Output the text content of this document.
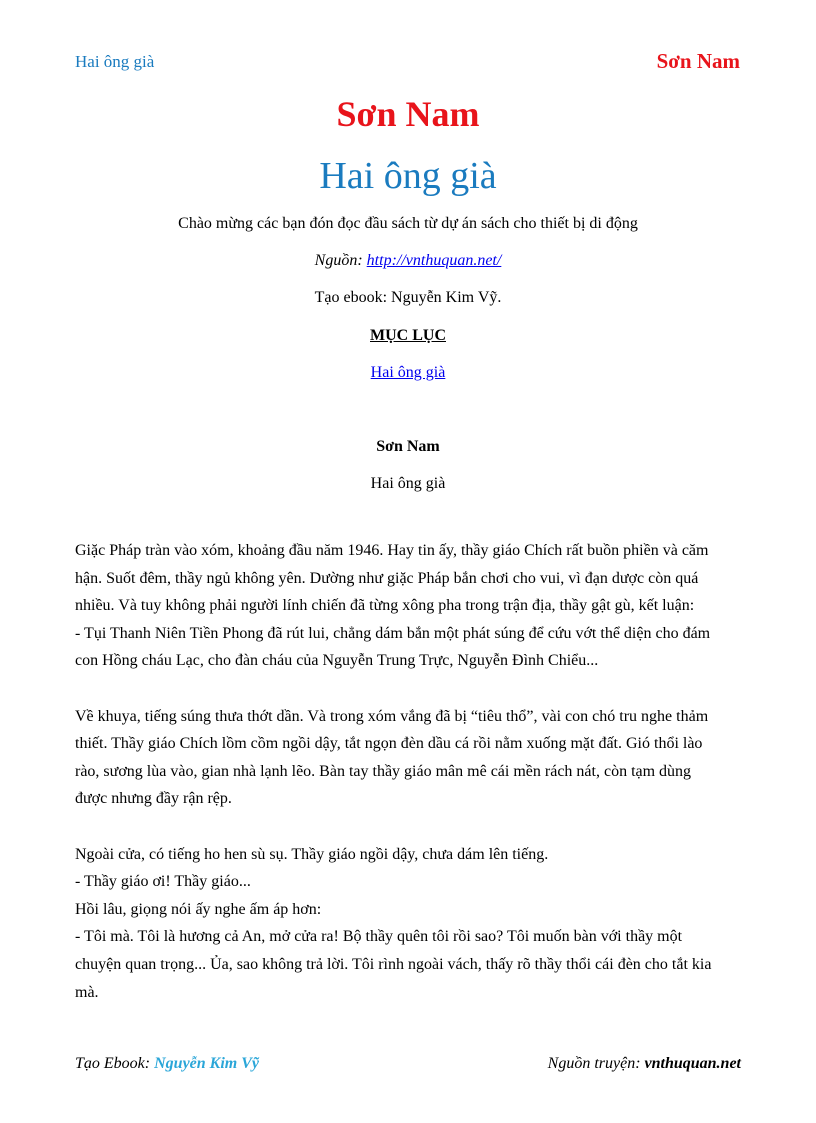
Hai ông già	Sơn Nam
Sơn Nam
Hai ông già
Chào mừng các bạn đón đọc đầu sách từ dự án sách cho thiết bị di động
Nguồn: http://vnthuquan.net/
Tạo ebook: Nguyễn Kim Vỹ.
MỤC LỤC
Hai ông già
Sơn Nam
Hai ông già

Giặc Pháp tràn vào xóm, khoảng đầu năm 1946. Hay tin ấy, thầy giáo Chích rất buồn phiền và căm
hận. Suốt đêm, thầy ngủ không yên. Dường như giặc Pháp bắn chơi cho vui, vì đạn dược còn quá
nhiều. Và tuy không phải người lính chiến đã từng xông pha trong trận địa, thầy gật gù, kết luận:
- Tụi Thanh Niên Tiền Phong đã rút lui, chẳng dám bắn một phát súng để cứu vớt thể diện cho đám
con Hồng cháu Lạc, cho đàn cháu của Nguyễn Trung Trực, Nguyễn Đình Chiểu...

Về khuya, tiếng súng thưa thớt dần. Và trong xóm vắng đã bị “tiêu thổ”, vài con chó tru nghe thảm
thiết. Thầy giáo Chích lồm cồm ngồi dậy, tắt ngọn đèn dầu cá rồi nằm xuống mặt đất. Gió thổi lào
rào, sương lùa vào, gian nhà lạnh lẽo. Bàn tay thầy giáo mân mê cái mền rách nát, còn tạm dùng
được nhưng đầy rận rệp.

Ngoài cửa, có tiếng ho hen sù sụ. Thầy giáo ngồi dậy, chưa dám lên tiếng.
- Thầy giáo ơi! Thầy giáo...
Hồi lâu, giọng nói ấy nghe ấm áp hơn:
- Tôi mà. Tôi là hương cả An, mở cửa ra! Bộ thầy quên tôi rồi sao? Tôi muốn bàn với thầy một
chuyện quan trọng... Ủa, sao không trả lời. Tôi rình ngoài vách, thấy rõ thầy thổi cái đèn cho tắt kia
mà.

Tạo Ebook: Nguyễn Kim Vỹ	Nguồn truyện: vnthuquan.net
